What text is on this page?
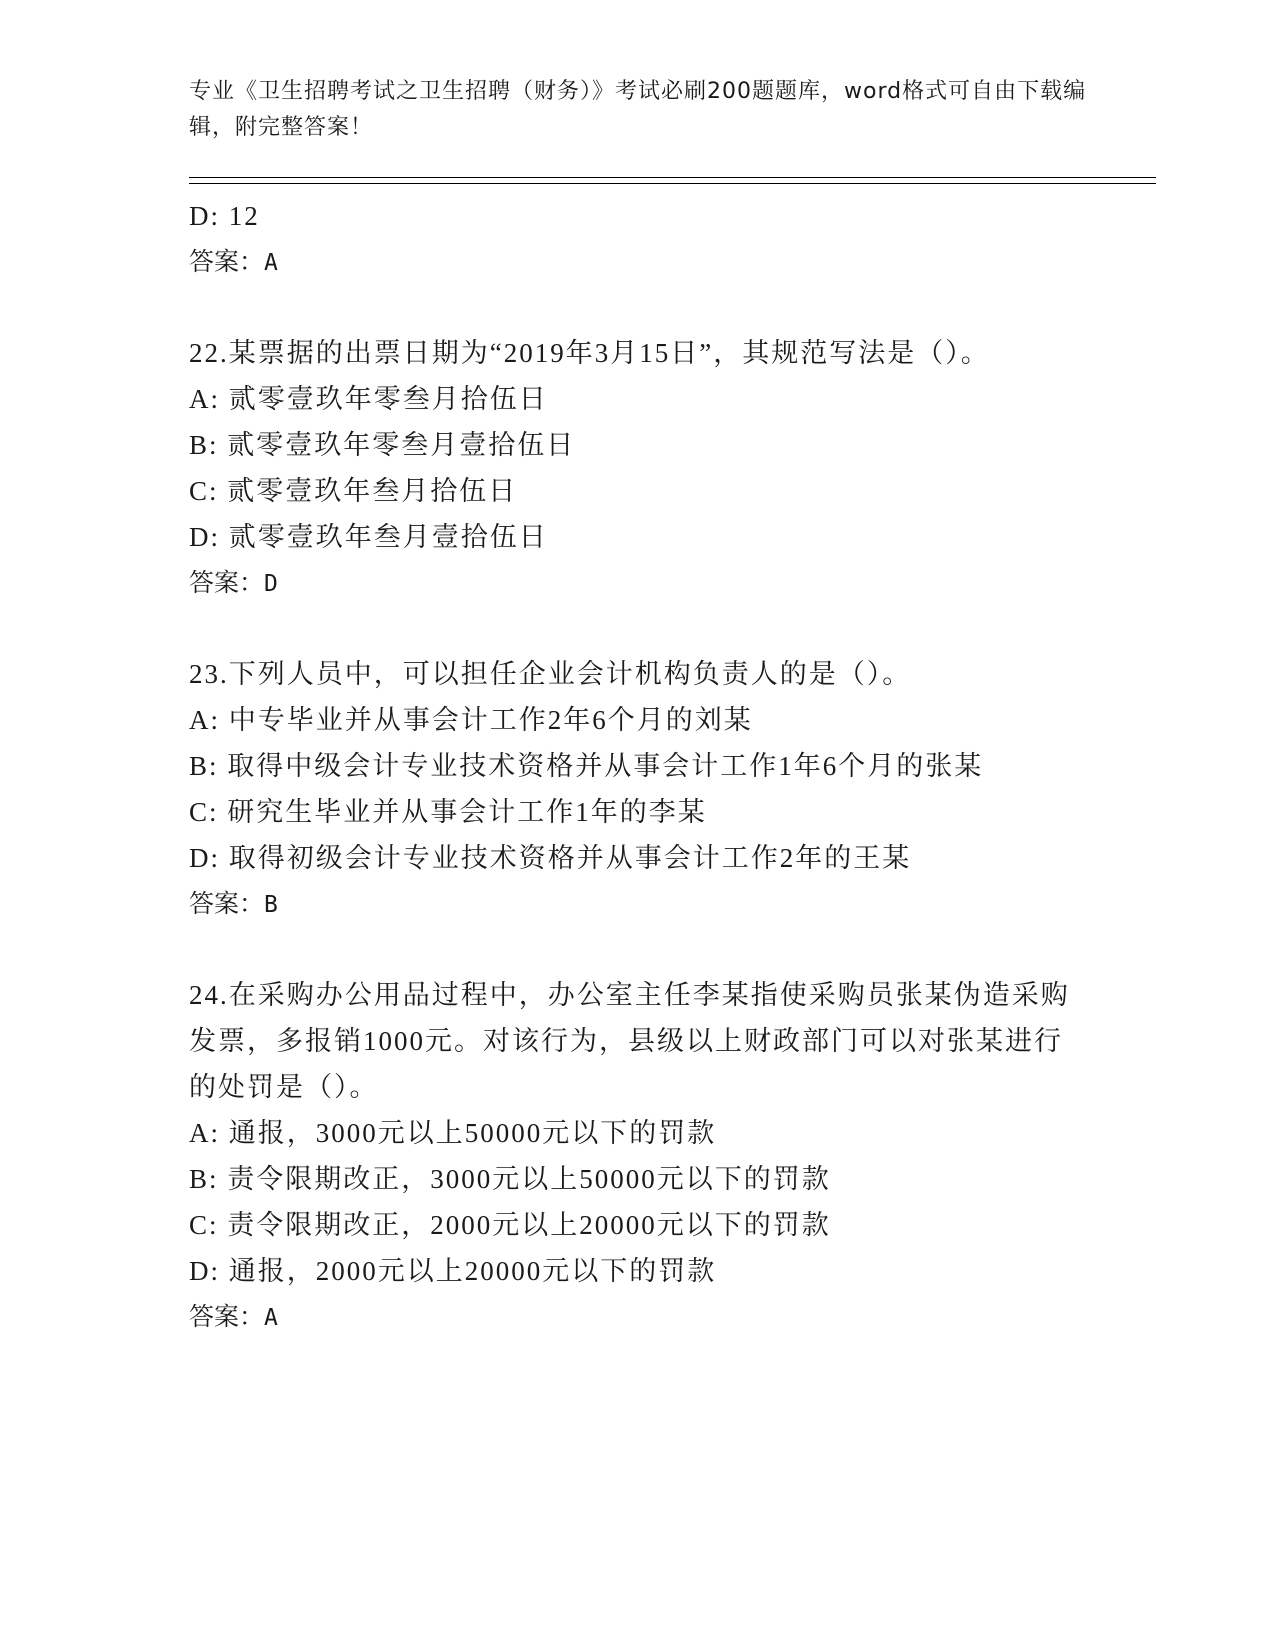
专业《卫生招聘考试之卫生招聘（财务）》考试必刷200题题库，word格式可自由下载编辑，附完整答案！
D: 12
答案：A
22.某票据的出票日期为“2019年3月15日”，其规范写法是（）。
A: 贰零壹玖年零叁月拾伍日
B: 贰零壹玖年零叁月壹拾伍日
C: 贰零壹玖年叁月拾伍日
D: 贰零壹玖年叁月壹拾伍日
答案：D
23.下列人员中，可以担任企业会计机构负责人的是（）。
A: 中专毕业并从事会计工作2年6个月的刘某
B: 取得中级会计专业技术资格并从事会计工作1年6个月的张某
C: 研究生毕业并从事会计工作1年的李某
D: 取得初级会计专业技术资格并从事会计工作2年的王某
答案：B
24.在采购办公用品过程中，办公室主任李某指使采购员张某伪造采购发票，多报销1000元。对该行为，县级以上财政部门可以对张某进行的处罚是（）。
A: 通报，3000元以上50000元以下的罚款
B: 责令限期改正，3000元以上50000元以下的罚款
C: 责令限期改正，2000元以上20000元以下的罚款
D: 通报，2000元以上20000元以下的罚款
答案：A
